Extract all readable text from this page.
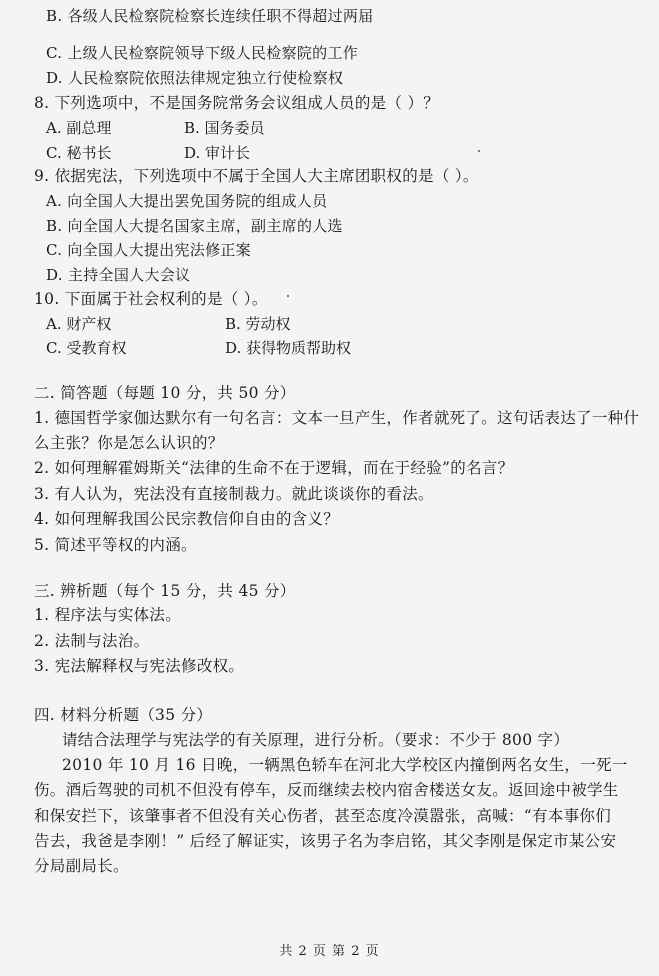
B. 各级人民检察院检察长连续任职不得超过两届
C. 上级人民检察院领导下级人民检察院的工作
D. 人民检察院依照法律规定独立行使检察权
8. 下列选项中，不是国务院常务会议组成人员的是（ ）？
A. 副总理	B. 国务委员
C. 秘书长	D. 审计长
9. 依据宪法，下列选项中不属于全国人大主席团职权的是（ ）。
A. 向全国人大提出罢免国务院的组成人员
B. 向全国人大提名国家主席，副主席的人选
C. 向全国人大提出宪法修正案
D. 主持全国人大会议
10. 下面属于社会权利的是（ ）。
A. 财产权	B. 劳动权
C. 受教育权	D. 获得物质帮助权
二. 简答题（每题 10 分，共 50 分）
1. 德国哲学家伽达默尔有一句名言：文本一旦产生，作者就死了。这句话表达了一种什
么主张？你是怎么认识的？
2. 如何理解霍姆斯关“法律的生命不在于逻辑，而在于经验”的名言？
3. 有人认为，宪法没有直接制裁力。就此谈谈你的看法。
4. 如何理解我国公民宗教信仰自由的含义？
5. 简述平等权的内涵。
三. 辨析题（每个 15 分，共 45 分）
1. 程序法与实体法。
2. 法制与法治。
3. 宪法解释权与宪法修改权。
四. 材料分析题（35 分）
请结合法理学与宪法学的有关原理，进行分析。（要求：不少于 800 字）
2010 年 10 月 16 日晚，一辆黑色轿车在河北大学校区内撞倒两名女生，一死一
伤。酒后驾驶的司机不但没有停车，反而继续去校内宿舍楼送女友。返回途中被学生
和保安拦下，该肇事者不但没有关心伤者，甚至态度冷漠嚣张，高喊：“有本事你们
告去，我爸是李刚！” 后经了解证实，该男子名为李启铭，其父李刚是保定市某公安
分局副局长。
共 2 页 第 2 页
